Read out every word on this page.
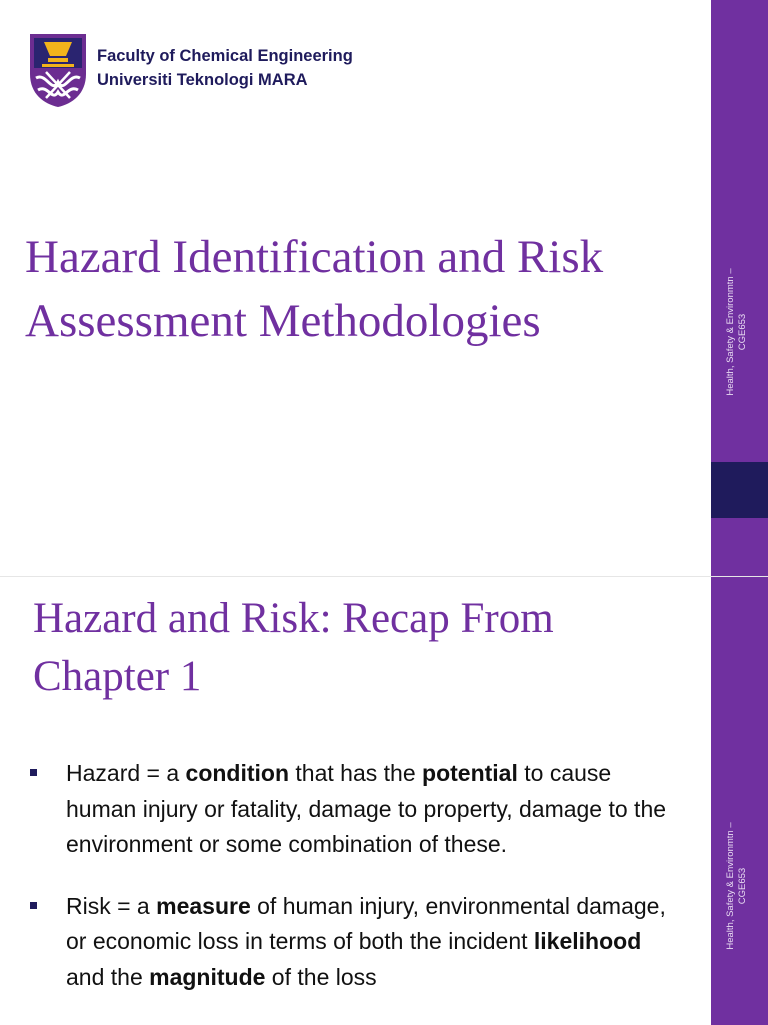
Faculty of Chemical Engineering
Universiti Teknologi MARA
Hazard Identification and Risk Assessment Methodologies	Health, Safety & Environmtn – CGE653
Health, Safety & Environmtn – CGE653
Hazard and Risk: Recap From Chapter 1
Hazard = a condition that has the potential to cause human injury or fatality, damage to property, damage to the environment or some combination of these.
Risk = a measure of human injury, environmental damage, or economic loss in terms of both the incident likelihood and the magnitude of the loss
